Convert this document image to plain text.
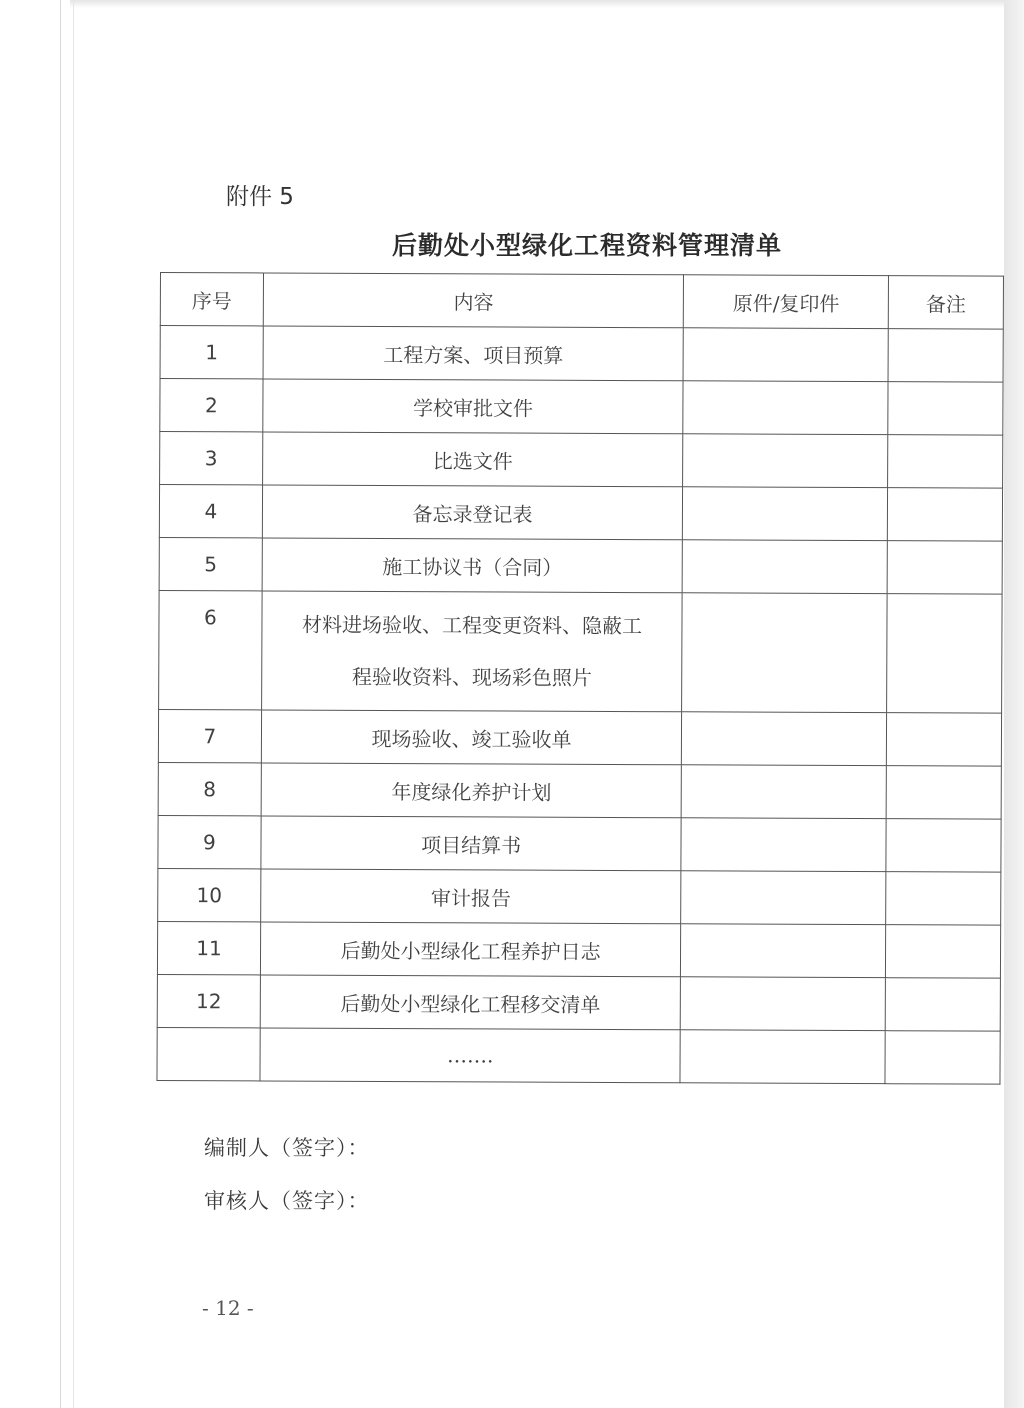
附件 5
后勤处小型绿化工程资料管理清单
序号	内容	原件/复印件	备注
1	工程方案、项目预算		
2	学校审批文件		
3	比选文件		
4	备忘录登记表		
5	施工协议书（合同）		
6	材料进场验收、工程变更资料、隐蔽工
程验收资料、现场彩色照片		

7	现场验收、竣工验收单		
8	年度绿化养护计划		
9	项目结算书		
10	审计报告		
11	后勤处小型绿化工程养护日志		
12	后勤处小型绿化工程移交清单		
	…….		
编制人（签字）：
审核人（签字）：
- 12 -
